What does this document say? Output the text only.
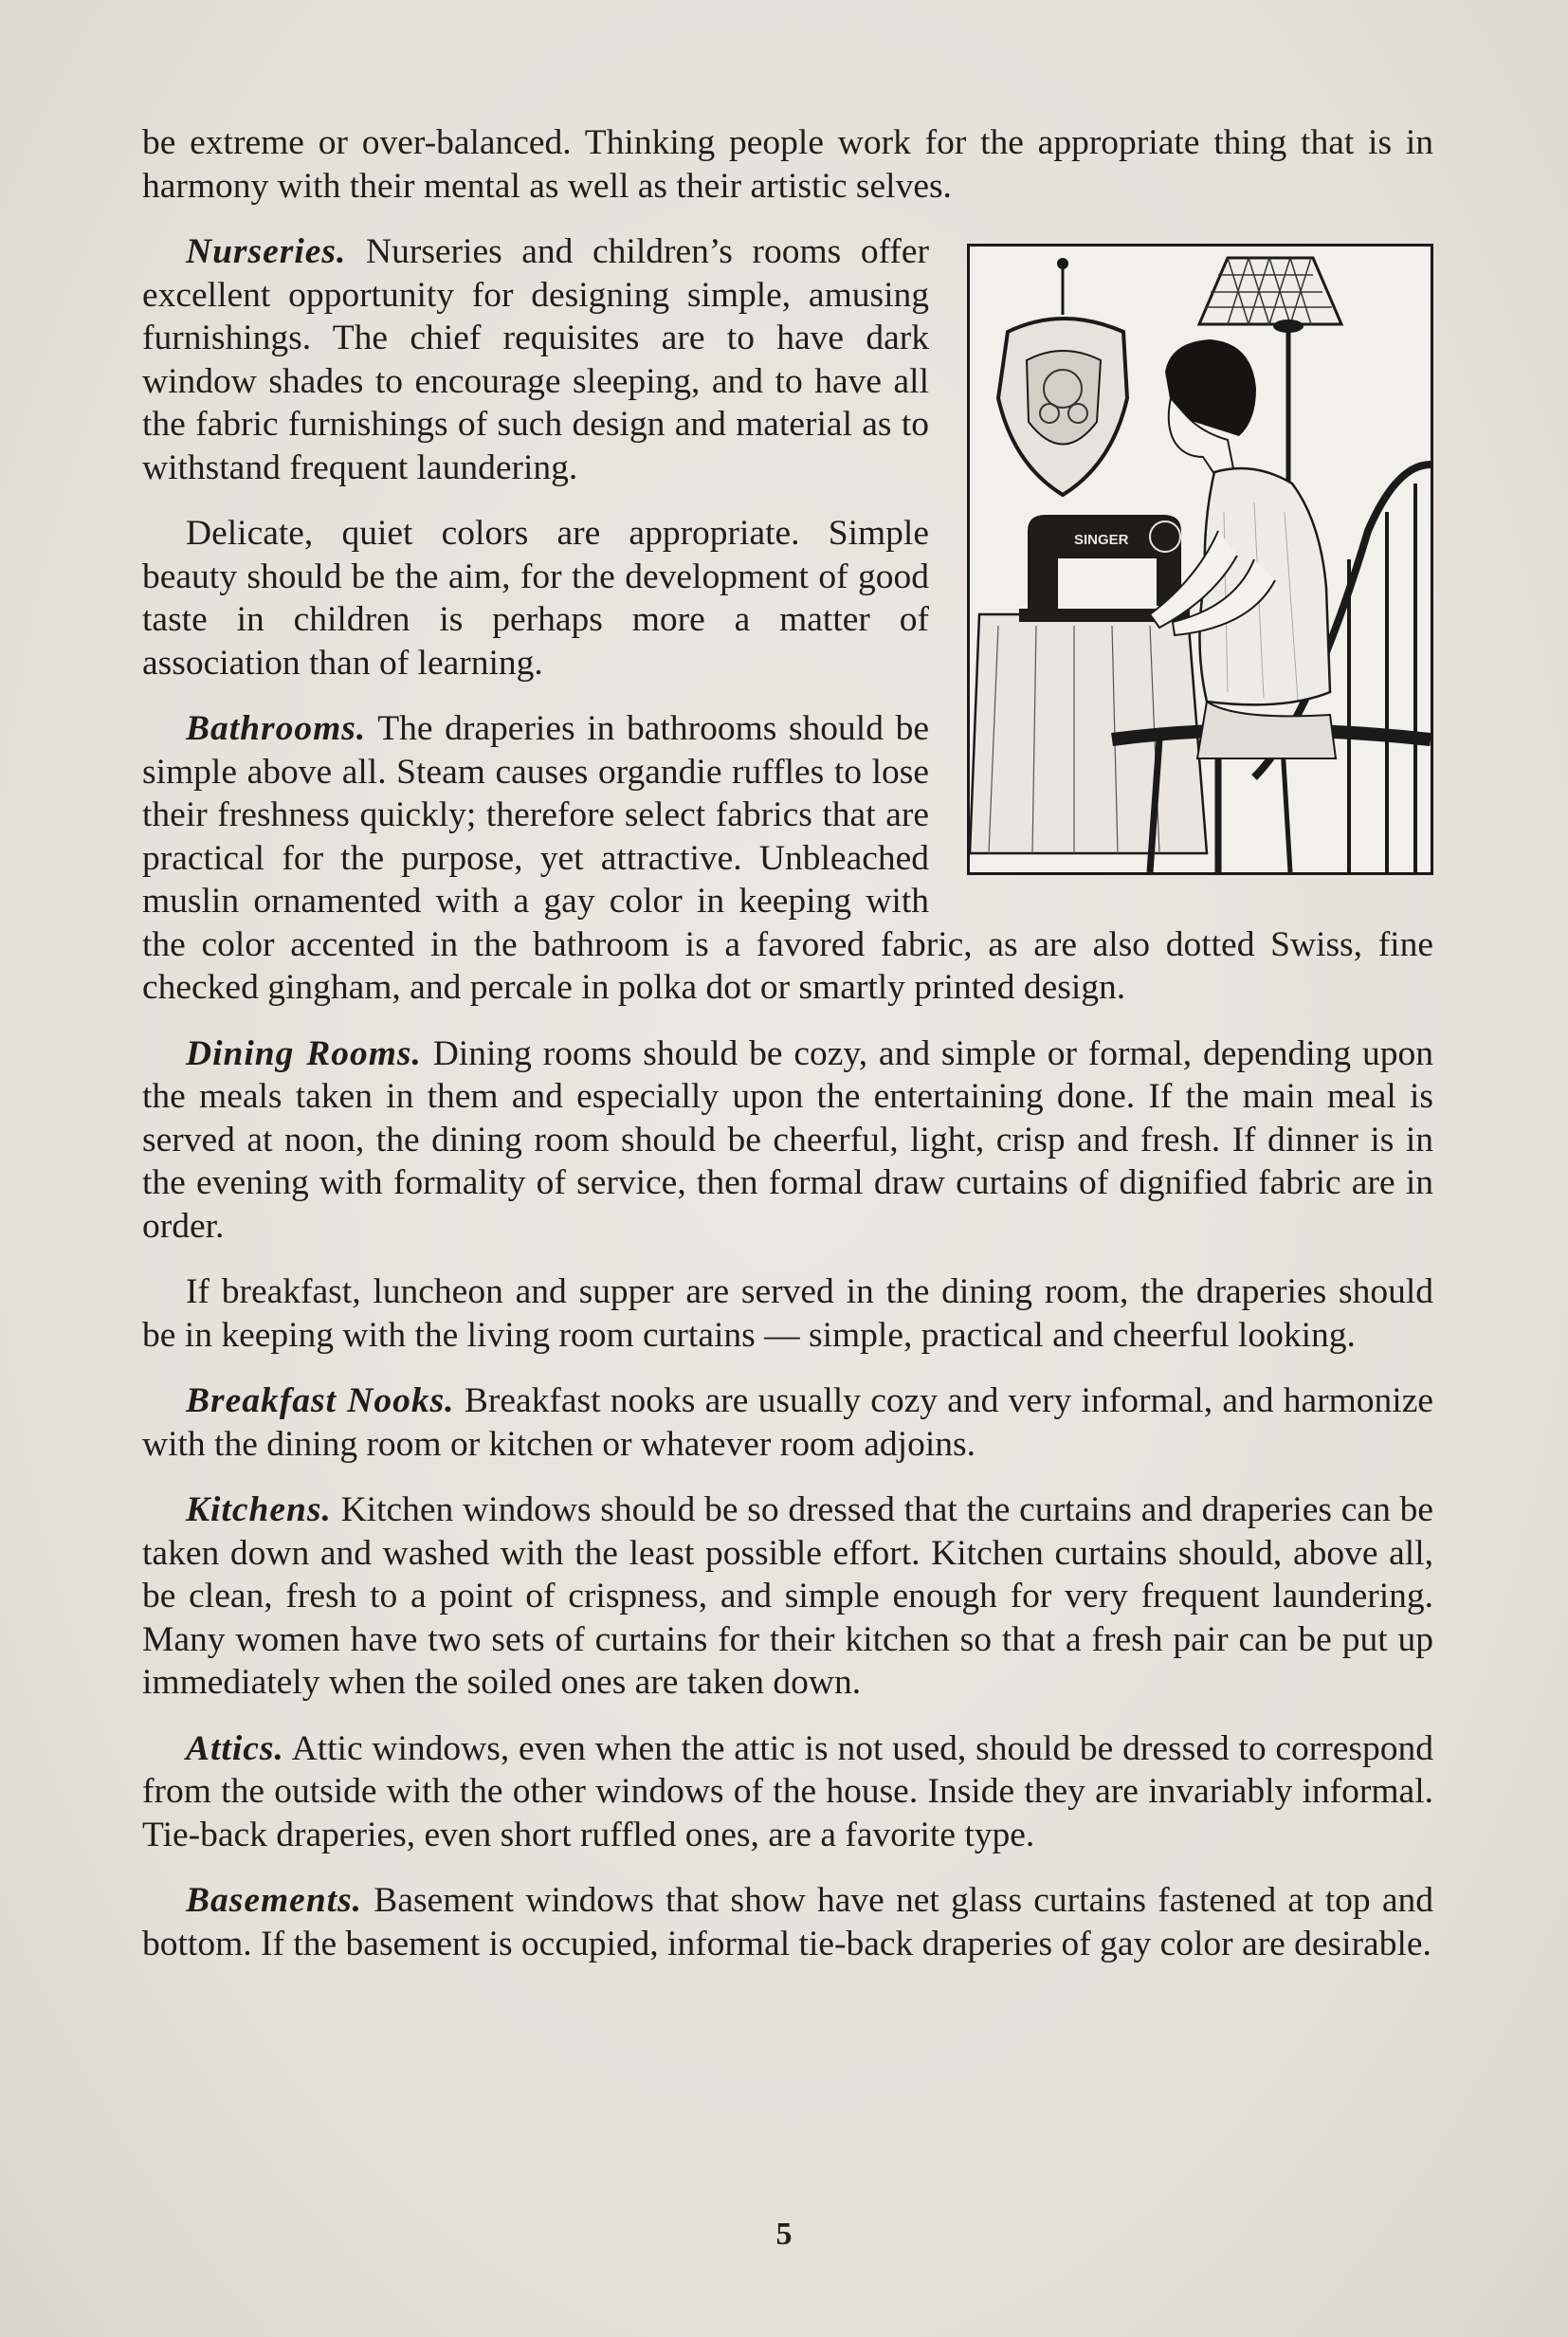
be extreme or over-balanced. Thinking people work for the appropriate thing that is in harmony with their mental as well as their artistic selves.

SINGER

Nurseries. Nurseries and children’s rooms offer excellent opportunity for designing simple, amusing furnishings. The chief requisites are to have dark window shades to encourage sleeping, and to have all the fabric furnishings of such design and material as to withstand frequent laundering.

Delicate, quiet colors are appropriate. Simple beauty should be the aim, for the development of good taste in children is perhaps more a matter of association than of learning.

Bathrooms. The draperies in bathrooms should be simple above all. Steam causes organdie ruffles to lose their freshness quickly; therefore select fabrics that are practical for the purpose, yet attractive. Unbleached muslin ornamented with a gay color in keeping with the color accented in the bathroom is a favored fabric, as are also dotted Swiss, fine checked gingham, and percale in polka dot or smartly printed design.

Dining Rooms. Dining rooms should be cozy, and simple or formal, depending upon the meals taken in them and especially upon the entertaining done. If the main meal is served at noon, the dining room should be cheerful, light, crisp and fresh. If dinner is in the evening with formality of service, then formal draw curtains of dignified fabric are in order.

If breakfast, luncheon and supper are served in the dining room, the draperies should be in keeping with the living room curtains — simple, practical and cheerful looking.

Breakfast Nooks. Breakfast nooks are usually cozy and very informal, and harmonize with the dining room or kitchen or whatever room adjoins.

Kitchens. Kitchen windows should be so dressed that the curtains and draperies can be taken down and washed with the least possible effort. Kitchen curtains should, above all, be clean, fresh to a point of crispness, and simple enough for very frequent laundering. Many women have two sets of curtains for their kitchen so that a fresh pair can be put up immediately when the soiled ones are taken down.

Attics. Attic windows, even when the attic is not used, should be dressed to correspond from the outside with the other windows of the house. Inside they are invariably informal. Tie-back draperies, even short ruffled ones, are a favorite type.

Basements. Basement windows that show have net glass curtains fastened at top and bottom. If the basement is occupied, informal tie-back draperies of gay color are desirable.

5
